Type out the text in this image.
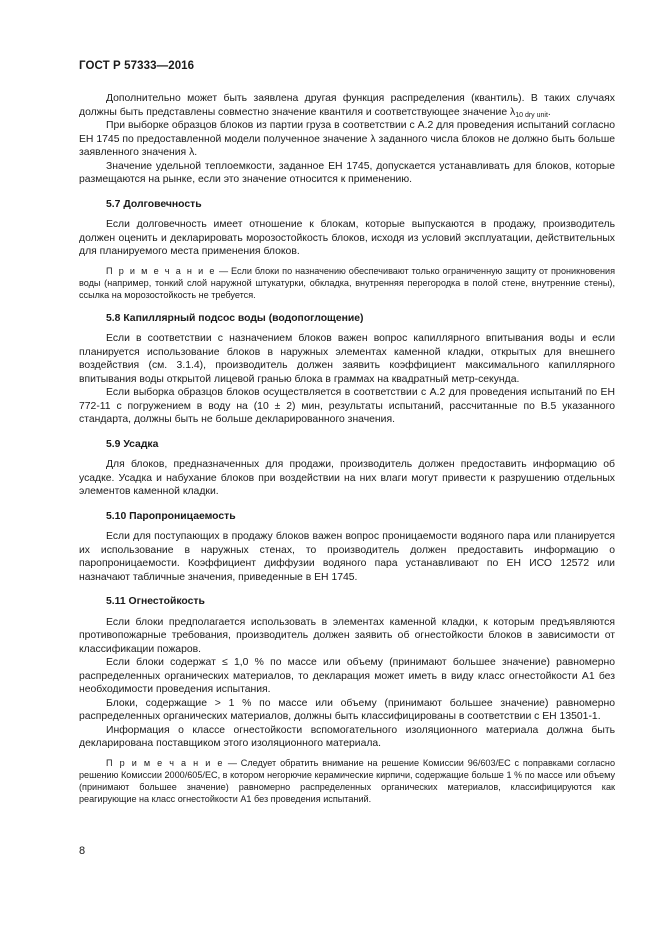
ГОСТ Р 57333—2016

Дополнительно может быть заявлена другая функция распределения (квантиль). В таких случаях должны быть представлены совместно значение квантиля и соответствующее значение $\lambda_{10 dry unit}$.

При выборке образцов блоков из партии груза в соответствии с А.2 для проведения испытаний согласно ЕН 1745 по предоставленной модели полученное значение λ заданного числа блоков не должно быть больше заявленного значения λ.

Значение удельной теплоемкости, заданное ЕН 1745, допускается устанавливать для блоков, которые размещаются на рынке, если это значение относится к применению.

5.7 Долговечность

Если долговечность имеет отношение к блокам, которые выпускаются в продажу, производитель должен оценить и декларировать морозостойкость блоков, исходя из условий эксплуатации, действительных для планируемого места применения блоков.

П р и м е ч а н и е — Если блоки по назначению обеспечивают только ограниченную защиту от проникновения воды (например, тонкий слой наружной штукатурки, обкладка, внутренняя перегородка в полой стене, внутренние стены), ссылка на морозостойкость не требуется.

5.8 Капиллярный подсос воды (водопоглощение)

Если в соответствии с назначением блоков важен вопрос капиллярного впитывания воды и если планируется использование блоков в наружных элементах каменной кладки, открытых для внешнего воздействия (см. 3.1.4), производитель должен заявить коэффициент максимального капиллярного впитывания воды открытой лицевой гранью блока в граммах на квадратный метр-секунда.

Если выборка образцов блоков осуществляется в соответствии с А.2 для проведения испытаний по ЕН 772-11 с погружением в воду на (10 ± 2) мин, результаты испытаний, рассчитанные по В.5 указанного стандарта, должны быть не больше декларированного значения.

5.9 Усадка

Для блоков, предназначенных для продажи, производитель должен предоставить информацию об усадке. Усадка и набухание блоков при воздействии на них влаги могут привести к разрушению отдельных элементов каменной кладки.

5.10 Паропроницаемость

Если для поступающих в продажу блоков важен вопрос проницаемости водяного пара или планируется их использование в наружных стенах, то производитель должен предоставить информацию о паропроницаемости. Коэффициент диффузии водяного пара устанавливают по ЕН ИСО 12572 или назначают табличные значения, приведенные в ЕН 1745.

5.11 Огнестойкость

Если блоки предполагается использовать в элементах каменной кладки, к которым предъявляются противопожарные требования, производитель должен заявить об огнестойкости блоков в зависимости от классификации пожаров.

Если блоки содержат ≤ 1,0 % по массе или объему (принимают большее значение) равномерно распределенных органических материалов, то декларация может иметь в виду класс огнестойкости А1 без необходимости проведения испытания.

Блоки, содержащие > 1 % по массе или объему (принимают большее значение) равномерно распределенных органических материалов, должны быть классифицированы в соответствии с ЕН 13501-1.

Информация о классе огнестойкости вспомогательного изоляционного материала должна быть декларирована поставщиком этого изоляционного материала.

П р и м е ч а н и е — Следует обратить внимание на решение Комиссии 96/603/ЕС с поправками согласно решению Комиссии 2000/605/ЕС, в котором негорючие керамические кирпичи, содержащие больше 1 % по массе или объему (принимают большее значение) равномерно распределенных органических материалов, классифицируются как реагирующие на класс огнестойкости А1 без проведения испытаний.

8
